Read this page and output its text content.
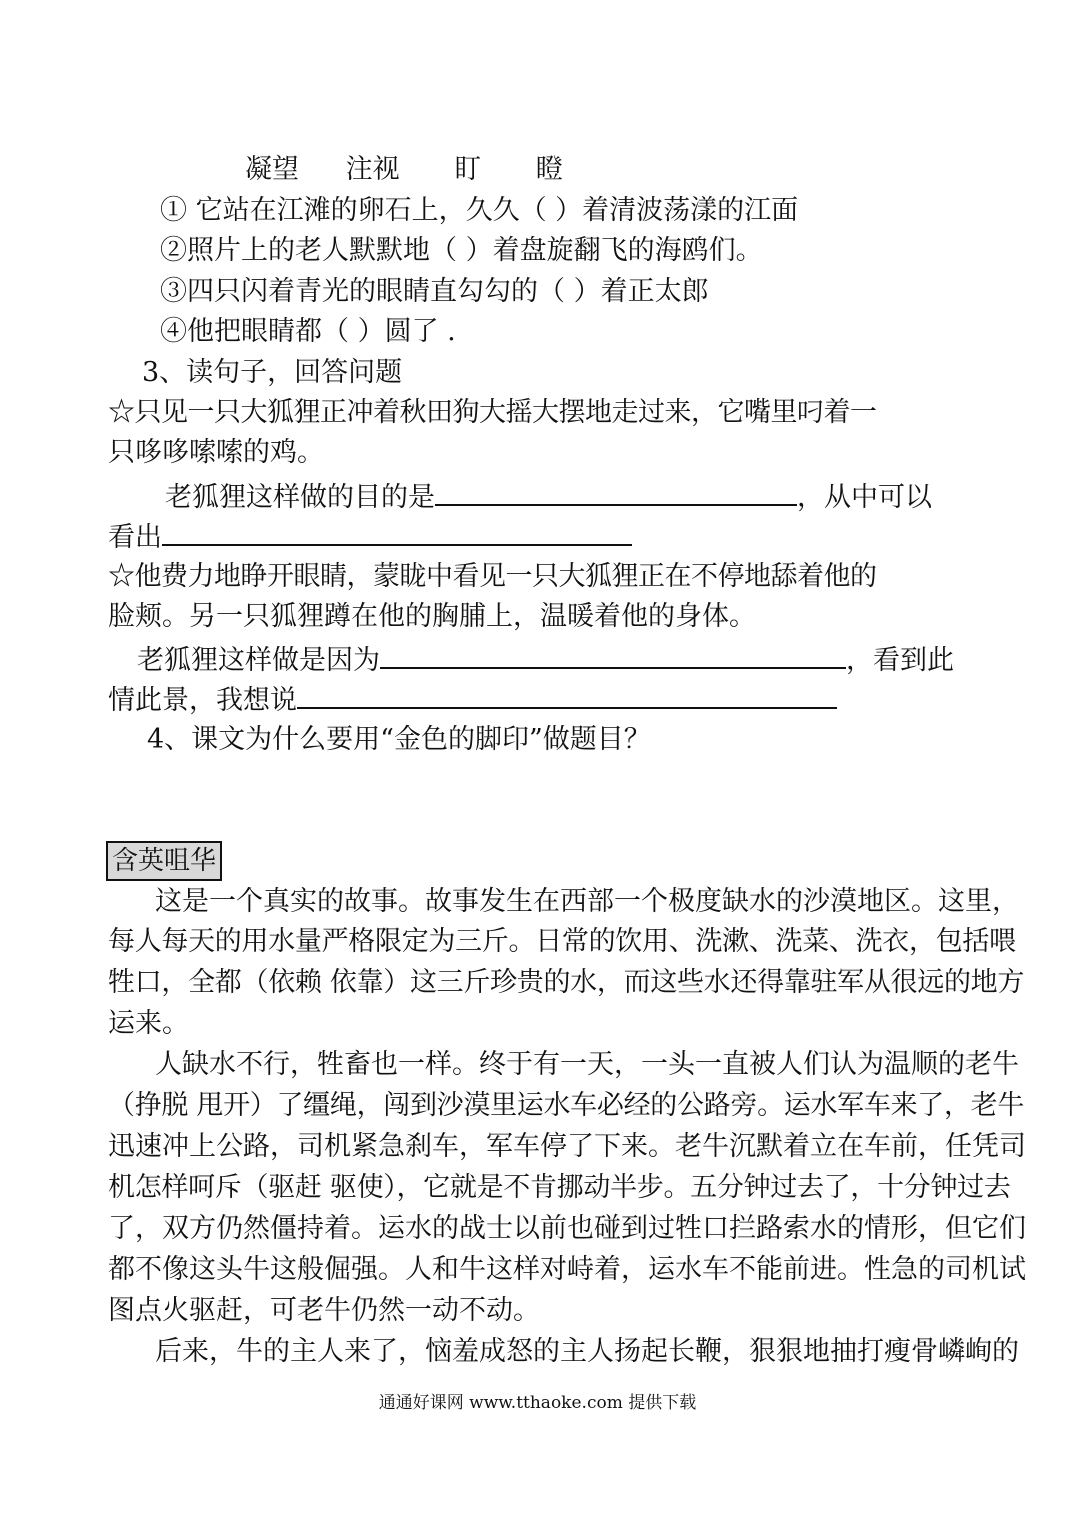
凝望 注视 盯 瞪
① 它站在江滩的卵石上，久久（ ）着清波荡漾的江面
②照片上的老人默默地（ ）着盘旋翻飞的海鸥们。
③四只闪着青光的眼睛直勾勾的（ ）着正太郎
④他把眼睛都（ ）圆了 .
3、读句子，回答问题
☆只见一只大狐狸正冲着秋田狗大摇大摆地走过来，它嘴里叼着一
只哆哆嗦嗦的鸡。
老狐狸这样做的目的是	，从中可以
看出
☆他费力地睁开眼睛，蒙眬中看见一只大狐狸正在不停地舔着他的
脸颊。另一只狐狸蹲在他的胸脯上，温暖着他的身体。
老狐狸这样做是因为	，看到此
情此景，我想说
4、课文为什么要用“金色的脚印”做题目？
含英咀华
这是一个真实的故事。故事发生在西部一个极度缺水的沙漠地区。这里，
每人每天的用水量严格限定为三斤。日常的饮用、洗漱、洗菜、洗衣，包括喂
牲口，全都（依赖 依靠）这三斤珍贵的水，而这些水还得靠驻军从很远的地方
运来。
人缺水不行，牲畜也一样。终于有一天，一头一直被人们认为温顺的老牛
（挣脱 甩开）了缰绳，闯到沙漠里运水车必经的公路旁。运水军车来了，老牛
迅速冲上公路，司机紧急刹车，军车停了下来。老牛沉默着立在车前，任凭司
机怎样呵斥（驱赶 驱使），它就是不肯挪动半步。五分钟过去了，十分钟过去
了，双方仍然僵持着。运水的战士以前也碰到过牲口拦路索水的情形，但它们
都不像这头牛这般倔强。人和牛这样对峙着，运水车不能前进。性急的司机试
图点火驱赶，可老牛仍然一动不动。
后来，牛的主人来了，恼羞成怒的主人扬起长鞭，狠狠地抽打瘦骨嶙峋的
通通好课网 www.tthaoke.com 提供下载
